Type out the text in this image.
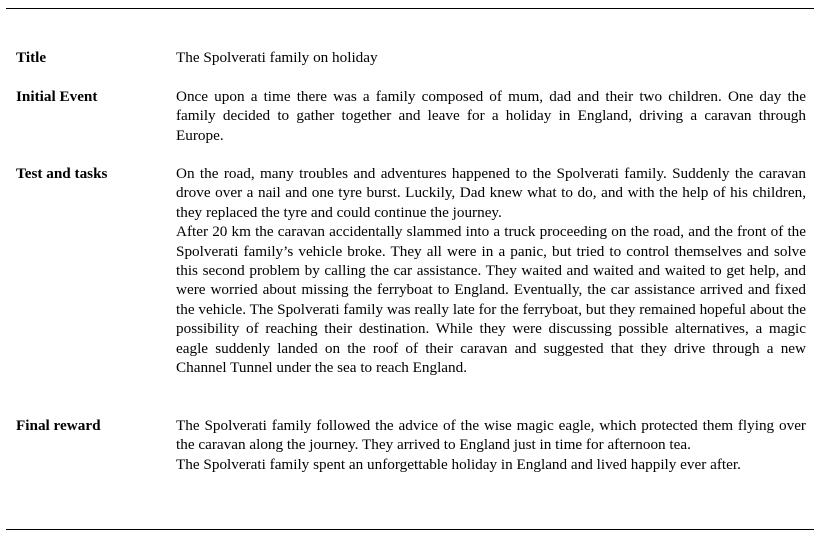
Title	The Spolverati family on holiday

Initial Event	Once upon a time there was a family composed of mum, dad and their two children. One day the family decided to gather together and leave for a holiday in England, driving a caravan through Europe.

Test and tasks	On the road, many troubles and adventures happened to the Spolverati family. Suddenly the caravan drove over a nail and one tyre burst. Luckily, Dad knew what to do, and with the help of his children, they replaced the tyre and could continue the journey.

After 20 km the caravan accidentally slammed into a truck proceeding on the road, and the front of the Spolverati family’s vehicle broke. They all were in a panic, but tried to control themselves and solve this second problem by calling the car assistance. They waited and waited and waited to get help, and were worried about missing the ferryboat to England. Eventually, the car assistance arrived and fixed the vehicle. The Spolverati family was really late for the ferryboat, but they remained hopeful about the possibility of reaching their destination. While they were discussing possible alternatives, a magic eagle suddenly landed on the roof of their caravan and suggested that they drive through a new Channel Tunnel under the sea to reach England.

Final reward	The Spolverati family followed the advice of the wise magic eagle, which protected them flying over the caravan along the journey. They arrived to England just in time for afternoon tea.

The Spolverati family spent an unforgettable holiday in England and lived happily ever after.
